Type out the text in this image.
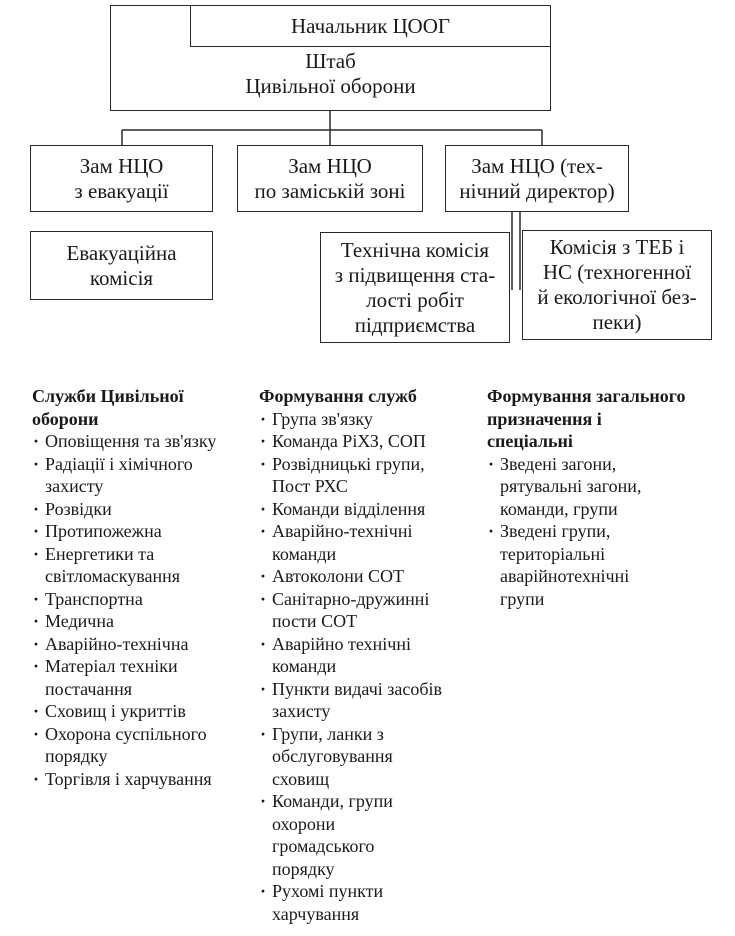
Начальник ЦООГ
Штаб
Цивільної оборони
Зам НЦО
з евакуації
Зам НЦО
по заміській зоні
Зам НЦО (тех-
нічний директор)
Евакуаційна
комісія
Технічна комісія
з підвищення ста-
лості робіт
підприємства
Комісія з ТЕБ і
НС (техногенної
й екологічної без-
пеки)
Служби Цивільної
оборони
· Оповіщення та зв'язку
· Радіації і хімічного
захисту
· Розвідки
· Протипожежна
· Енергетики та
світломаскування
· Транспортна
· Медична
· Аварійно-технічна
· Матеріал техніки
постачання
· Сховищ і укриттів
· Охорона суспільного
порядку
· Торгівля і харчування
Формування служб
· Група зв'язку
· Команда РіХЗ, СОП
· Розвідницькі групи,
Пост РХС
· Команди відділення
· Аварійно-технічні
команди
· Автоколони СОТ
· Санітарно-дружинні
пости СОТ
· Аварійно технічні
команди
· Пункти видачі засобів
захисту
· Групи, ланки з
обслуговування
сховищ
· Команди, групи
охорони
громадського
порядку
· Рухомі пункти
харчування
Формування загального
призначення і
спеціальні
· Зведені загони,
рятувальні загони,
команди, групи
· Зведені групи,
територіальні
аварійнотехнічні
групи
